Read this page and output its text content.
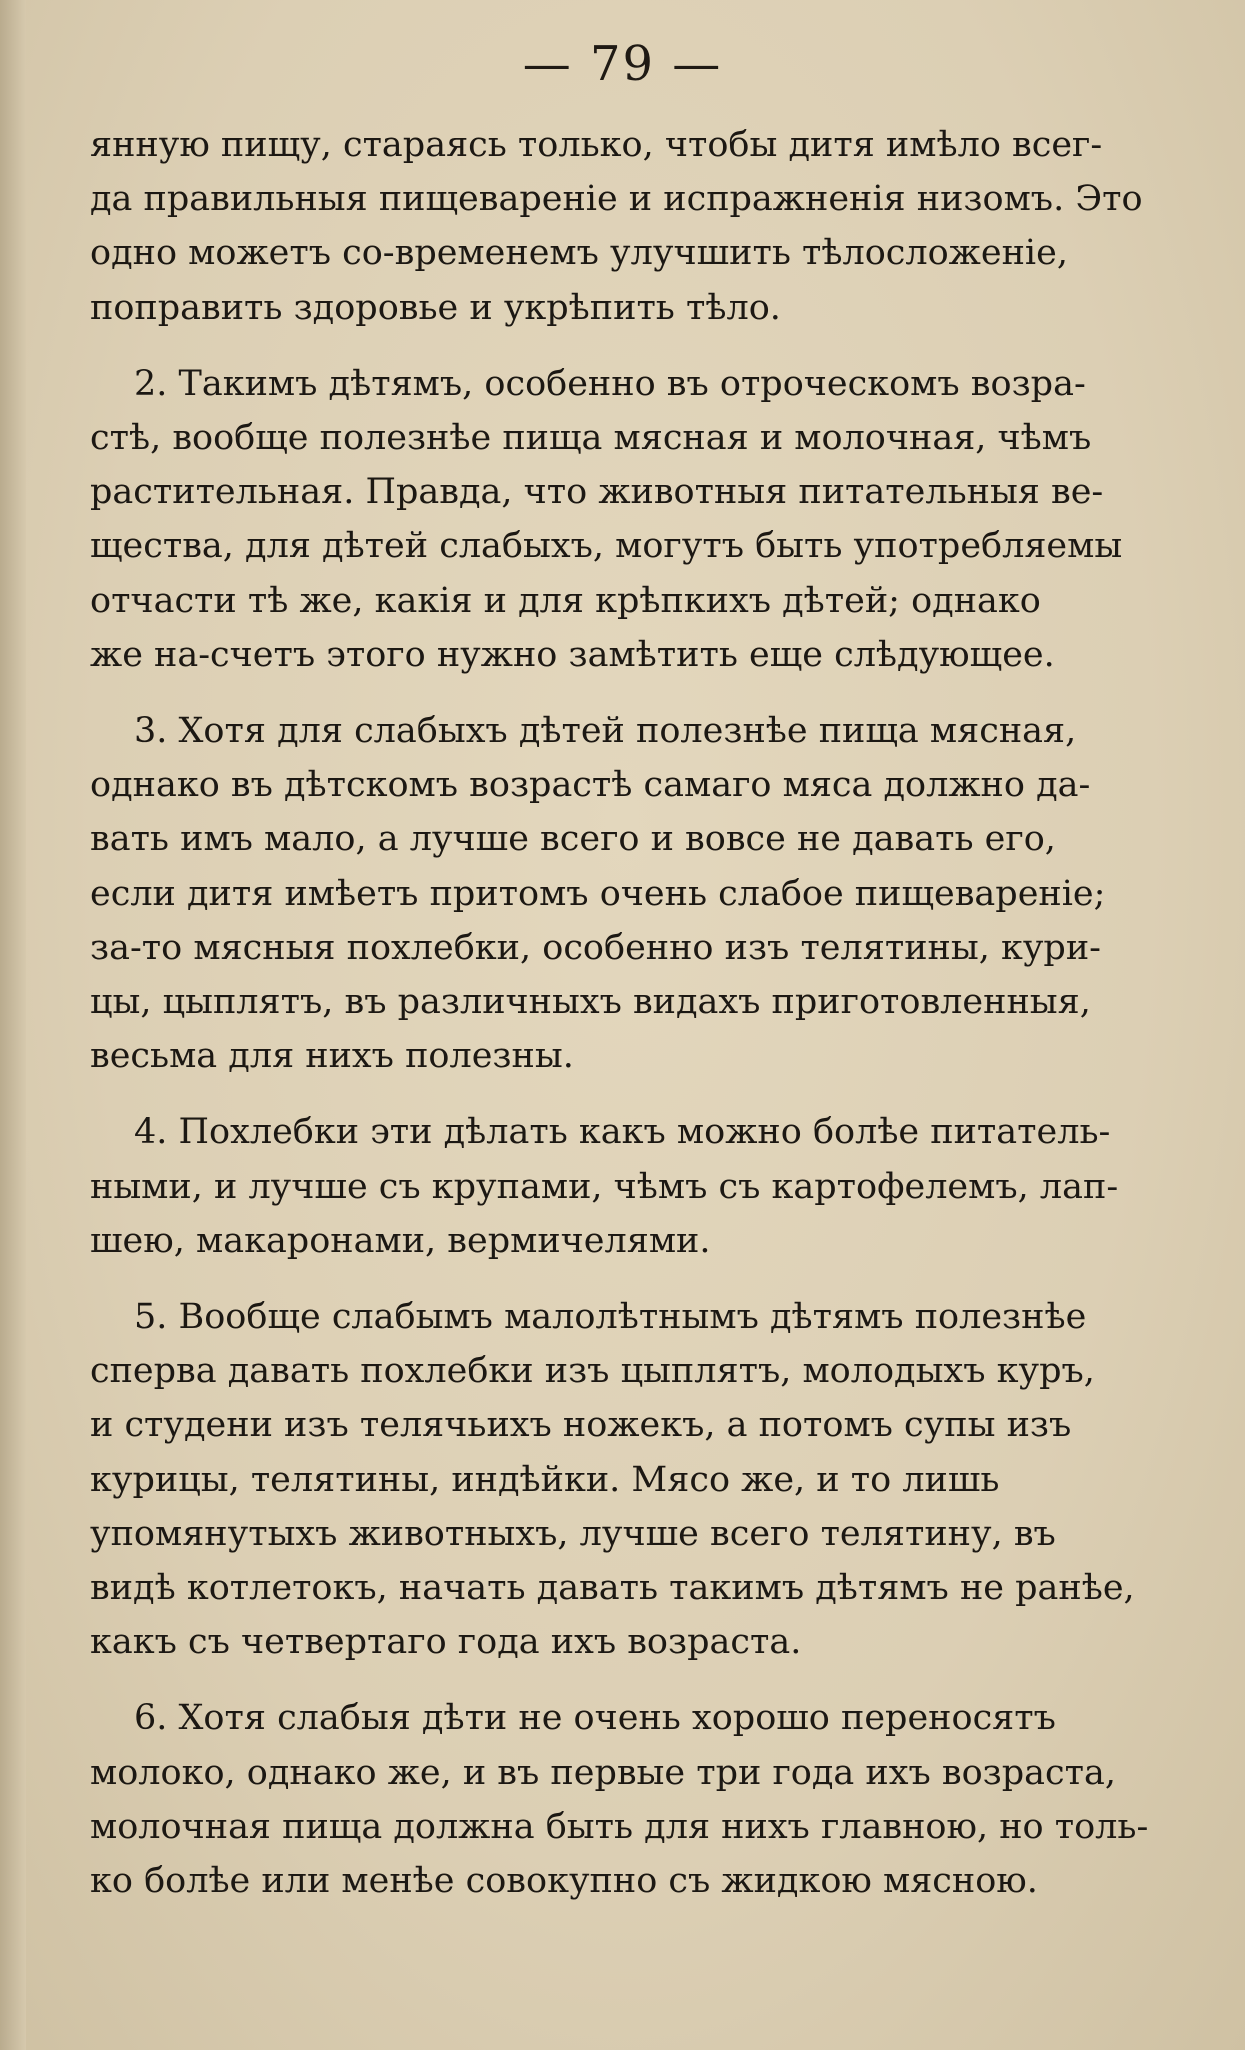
— 79 —
янную пищу, стараясь только, чтобы дитя имѣло всег-
да правильныя пищевареніе и испражненія низомъ. Это
одно можетъ со-временемъ улучшить тѣлосложеніе,
поправить здоровье и укрѣпить тѣло.
2. Такимъ дѣтямъ, особенно въ отроческомъ возра-
стѣ, вообще полезнѣе пища мясная и молочная, чѣмъ
растительная. Правда, что животныя питательныя ве-
щества, для дѣтей слабыхъ, могутъ быть употребляемы
отчасти тѣ же, какія и для крѣпкихъ дѣтей; однако
же на-счетъ этого нужно замѣтить еще слѣдующее.
3. Хотя для слабыхъ дѣтей полезнѣе пища мясная,
однако въ дѣтскомъ возрастѣ самаго мяса должно да-
вать имъ мало, а лучше всего и вовсе не давать его,
если дитя имѣетъ притомъ очень слабое пищевареніе;
за-то мясныя похлебки, особенно изъ телятины, кури-
цы, цыплятъ, въ различныхъ видахъ приготовленныя,
весьма для нихъ полезны.
4. Похлебки эти дѣлать какъ можно болѣе питатель-
ными, и лучше съ крупами, чѣмъ съ картофелемъ, лап-
шею, макаронами, вермичелями.
5. Вообще слабымъ малолѣтнымъ дѣтямъ полезнѣе
сперва давать похлебки изъ цыплятъ, молодыхъ куръ,
и студени изъ телячьихъ ножекъ, а потомъ супы изъ
курицы, телятины, индѣйки. Мясо же, и то лишь
упомянутыхъ животныхъ, лучше всего телятину, въ
видѣ котлетокъ, начать давать такимъ дѣтямъ не ранѣе,
какъ съ четвертаго года ихъ возраста.
6. Хотя слабыя дѣти не очень хорошо переносятъ
молоко, однако же, и въ первые три года ихъ возраста,
молочная пища должна быть для нихъ главною, но толь-
ко болѣе или менѣе совокупно съ жидкою мясною.
